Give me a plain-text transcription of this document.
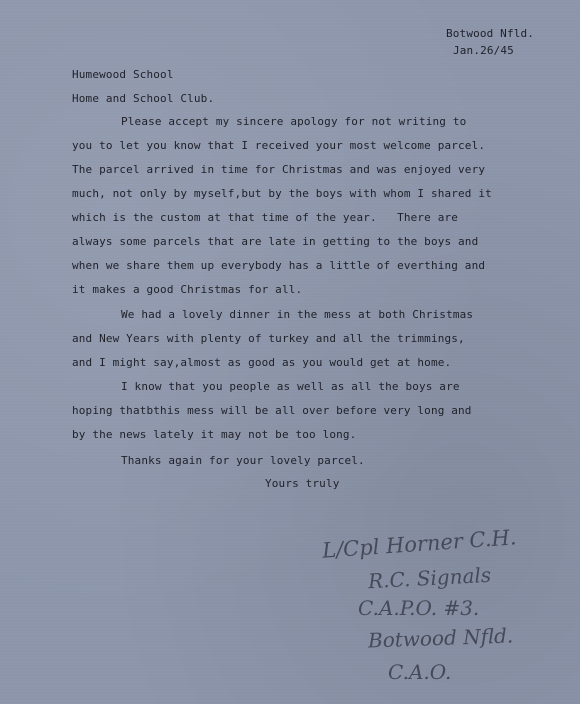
Botwood Nfld.
Jan.26/45
Humewood School
Home and School Club.
Please accept my sincere apology for not writing to
you to let you know that I received your most welcome parcel.
The parcel arrived in time for Christmas and was enjoyed very
much, not only by myself,but by the boys with whom I shared it
which is the custom at that time of the year.   There are
always some parcels that are late in getting to the boys and
when we share them up everybody has a little of everthing and
it makes a good Christmas for all.
We had a lovely dinner in the mess at both Christmas
and New Years with plenty of turkey and all the trimmings,
and I might say,almost as good as you would get at home.
I know that you people as well as all the boys are
hoping thatbthis mess will be all over before very long and
by the news lately it may not be too long.
Thanks again for your lovely parcel.
Yours truly
L/Cpl Horner C.H.
R.C. Signals
C.A.P.O. #3.
Botwood Nfld.
C.A.O.
